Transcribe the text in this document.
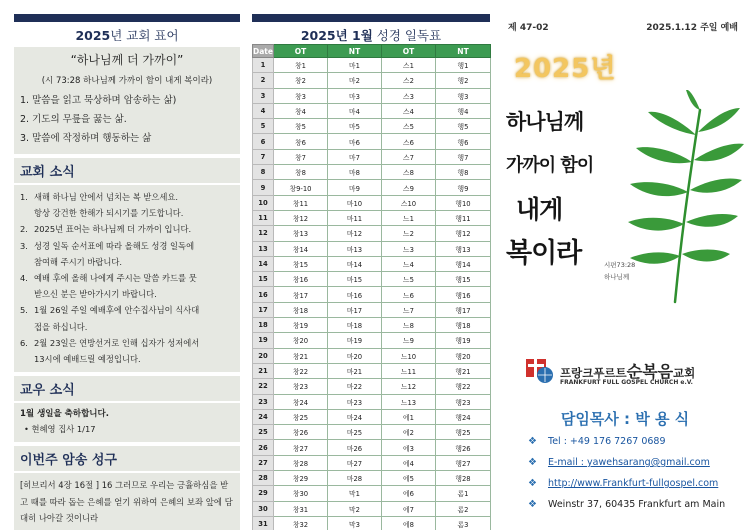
2025년 교회 표어
“하나님께 더 가까이”
(시 73:28 하나님께 가까이 함이 내게 복이라)
1. 말씀을 읽고 묵상하며 암송하는 삶)
2. 기도의 무릎을 꿇는 삶.
3. 말씀에 작정하며 행동하는 삶
교회 소식
1. 새해 하나님 안에서 넘치는 복 받으세요.
항상 강건한 한해가 되시기를 기도합니다.
2. 2025년 표어는 하나님께 더 가까이 입니다.
3. 성경 일독 순서표에 따라 올해도 성경 일독에
참여해 주시기 바랍니다.
4. 예배 후에 올해 나에게 주시는 말씀 카드를 뭇
받으신 분은 받아가시기 바랍니다.
5. 1월 26일 주일 예배후에 안수집사님이 식사대
접을 하십니다.
6. 2월 23일은 연방선거로 인해 십자가 성저에서
13시에 예배드릴 예정입니다.
교우 소식
1월 생일을 축하합니다.
• 현혜영 집사 1/17
이번주 암송 성구
[히브리서 4장 16절 ] 16 그러므로 우리는 긍휼하심을 받고 때를 따라 돕는 은혜를 얻기 위하여 은혜의 보좌 앞에 담대히 나아갈 것이니라
2025년 1월 성경 일독표
Date	OT	NT	OT	NT
1	창1	마1	스1	행1
2	창2	마2	스2	행2
3	창3	마3	스3	행3
4	창4	마4	스4	행4
5	창5	마5	스5	행5
6	창6	마6	스6	행6
7	창7	마7	스7	행7
8	창8	마8	스8	행8
9	창9-10	마9	스9	행9
10	창11	마10	스10	행10
11	창12	마11	느1	행11
12	창13	마12	느2	행12
13	창14	마13	느3	행13
14	창15	마14	느4	행14
15	창16	마15	느5	행15
16	창17	마16	느6	행16
17	창18	마17	느7	행17
18	창19	마18	느8	행18
19	창20	마19	느9	행19
20	창21	마20	느10	행20
21	창22	마21	느11	행21
22	창23	마22	느12	행22
23	창24	마23	느13	행23
24	창25	마24	에1	행24
25	창26	마25	에2	행25
26	창27	마26	에3	행26
27	창28	마27	에4	행27
28	창29	마28	에5	행28
29	창30	막1	에6	롬1
30	창31	막2	에7	롬2
31	창32	막3	에8	롬3
제 47-02	2025.1.12 주일 예배
2025년
하나님께
가까이 함이
내게
복이라	시편73:28
하나님께
프랑크푸르트순복음교회
FRANKFURT FULL GOSPEL CHURCH e.V.
담임목사 : 박 용 식
❖	Tel : +49 176 7267 0689
❖	E-mail : yawehsarang@gmail.com
❖	http://www.Frankfurt-fullgospel.com
❖	Weinstr 37, 60435 Frankfurt am Main
